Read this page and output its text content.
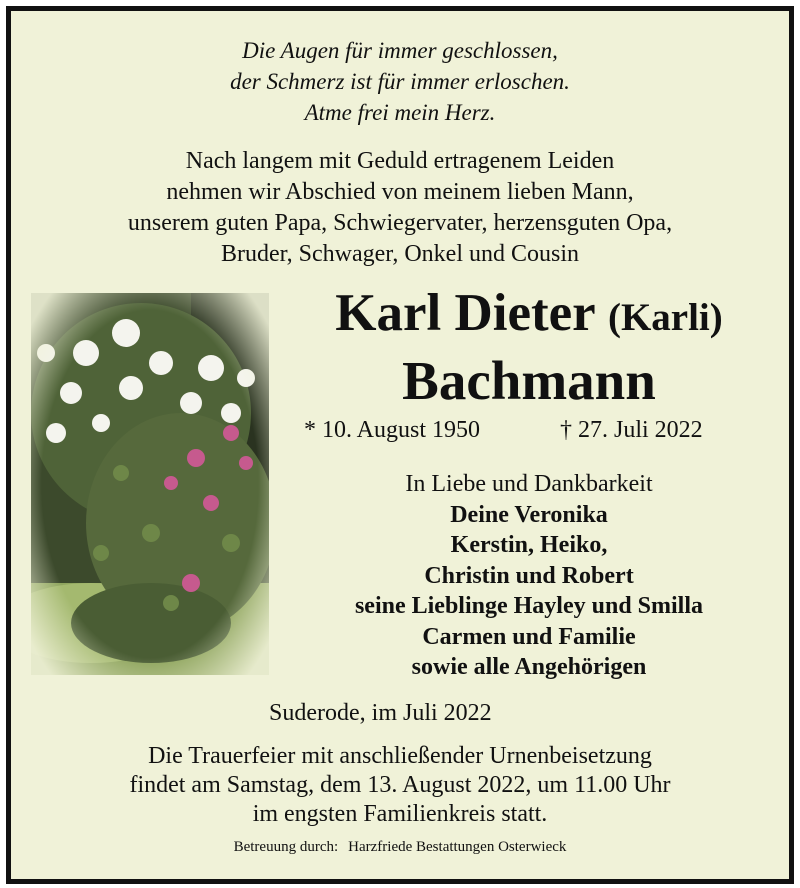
Die Augen für immer geschlossen,
der Schmerz ist für immer erloschen.
Atme frei mein Herz.
Nach langem mit Geduld ertragenem Leiden
nehmen wir Abschied von meinem lieben Mann,
unserem guten Papa, Schwiegervater, herzensguten Opa,
Bruder, Schwager, Onkel und Cousin
Karl Dieter (Karli)
Bachmann
* 10. August 1950	† 27. Juli 2022
In Liebe und Dankbarkeit
Deine Veronika
Kerstin, Heiko,
Christin und Robert
seine Lieblinge Hayley und Smilla
Carmen und Familie
sowie alle Angehörigen
Suderode, im Juli 2022
Die Trauerfeier mit anschließender Urnenbeisetzung
findet am Samstag, dem 13. August 2022, um 11.00 Uhr
im engsten Familienkreis statt.
Betreuung durch: Harzfriede Bestattungen Osterwieck
